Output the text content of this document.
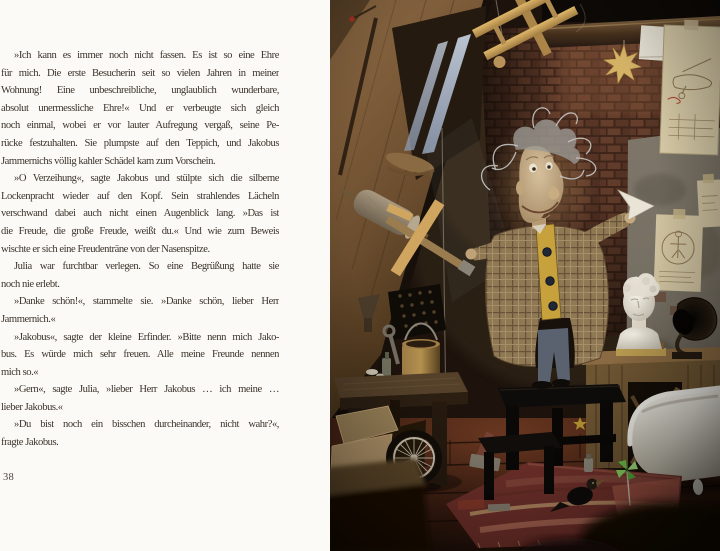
»Ich kann es immer noch nicht fassen. Es ist so eine Ehre
für mich. Die erste Besucherin seit so vielen Jahren in meiner
Wohnung! Eine unbeschreibliche, unglaublich wunderbare,
absolut unermessliche Ehre!« Und er verbeugte sich gleich
noch einmal, wobei er vor lauter Aufregung vergaß, seine Pe-
rücke festzuhalten. Sie plumpste auf den Teppich, und Jakobus
Jammernichs völlig kahler Schädel kam zum Vorschein.
»O Verzeihung«, sagte Jakobus und stülpte sich die silberne
Lockenpracht wieder auf den Kopf. Sein strahlendes Lächeln
verschwand dabei auch nicht einen Augenblick lang. »Das ist
die Freude, die große Freude, weißt du.« Und wie zum Beweis
wischte er sich eine Freudenträne von der Nasenspitze.
Julia war furchtbar verlegen. So eine Begrüßung hatte sie
noch nie erlebt.
»Danke schön!«, stammelte sie. »Danke schön, lieber Herr
Jammernich.«
»Jakobus«, sagte der kleine Erfinder. »Bitte nenn mich Jako-
bus. Es würde mich sehr freuen. Alle meine Freunde nennen
mich so.«
»Gern«, sagte Julia, »lieber Herr Jakobus … ich meine …
lieber Jakobus.«
»Du bist noch ein bisschen durcheinander, nicht wahr?«,
fragte Jakobus.
38
